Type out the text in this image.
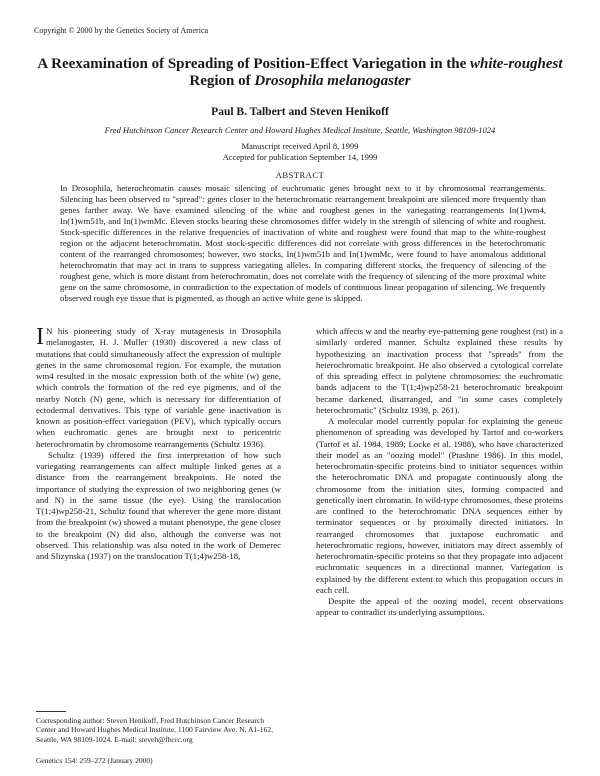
Copyright © 2000 by the Genetics Society of America
A Reexamination of Spreading of Position-Effect Variegation in the white-roughest
Region of Drosophila melanogaster
Paul B. Talbert and Steven Henikoff
Fred Hutchinson Cancer Research Center and Howard Hughes Medical Institute, Seattle, Washington 98109-1024
Manuscript received April 8, 1999
Accepted for publication September 14, 1999
ABSTRACT
In Drosophila, heterochromatin causes mosaic silencing of euchromatic genes brought next to it by chromosomal rearrangements. Silencing has been observed to "spread": genes closer to the heterochromatic rearrangement breakpoint are silenced more frequently than genes farther away. We have examined silencing of the white and roughest genes in the variegating rearrangements In(1)wm4, In(1)wm51b, and In(1)wmMc. Eleven stocks bearing these chromosomes differ widely in the strength of silencing of white and roughest. Stock-specific differences in the relative frequencies of inactivation of white and roughest were found that map to the white-roughest region or the adjacent heterochromatin. Most stock-specific differences did not correlate with gross differences in the heterochromatic content of the rearranged chromosomes; however, two stocks, In(1)wm51b and In(1)wmMc, were found to have anomalous additional heterochromatin that may act in trans to suppress variegating alleles. In comparing different stocks, the frequency of silencing of the roughest gene, which is more distant from heterochromatin, does not correlate with the frequency of silencing of the more proximal white gene on the same chromosome, in contradiction to the expectation of models of continuous linear propagation of silencing. We frequently observed rough eye tissue that is pigmented, as though an active white gene is skipped.

I N his pioneering study of X-ray mutagenesis in Drosophila melanogaster, H. J. Muller (1930) discovered a new class of mutations that could simultaneously affect the expression of multiple genes in the same chromosomal region. For example, the mutation wm4 resulted in the mosaic expression both of the white (w) gene, which controls the formation of the red eye pigments, and of the nearby Notch (N) gene, which is necessary for differentiation of ectodermal derivatives. This type of variable gene inactivation is known as position-effect variegation (PEV), which typically occurs when euchromatic genes are brought next to pericentric heterochromatin by chromosome rearrangements (Schultz 1936).

Schultz (1939) offered the first interpretation of how such variegating rearrangements can affect multiple linked genes at a distance from the rearrangement breakpoints. He noted the importance of studying the expression of two neighboring genes (w and N) in the same tissue (the eye). Using the translocation T(1;4)wp258-21, Schultz found that wherever the gene more distant from the breakpoint (w) showed a mutant phenotype, the gene closer to the breakpoint (N) did also, although the converse was not observed. This relationship was also noted in the work of Demerec and Slizynska (1937) on the translocation T(1;4)w258-18,

which affects w and the nearby eye-patterning gene roughest (rst) in a similarly ordered manner. Schultz explained these results by hypothesizing an inactivation process that "spreads" from the heterochromatic breakpoint. He also observed a cytological correlate of this spreading effect in polytene chromosomes: the euchromatic bands adjacent to the T(1;4)wp258-21 heterochromatic breakpoint became darkened, disarranged, and "in some cases completely heterochromatic" (Schultz 1939, p. 261).

A molecular model currently popular for explaining the genetic phenomenon of spreading was developed by Tartof and co-workers (Tartof et al. 1984, 1989; Locke et al. 1988), who have characterized their model as an "oozing model" (Ptashne 1986). In this model, heterochromatin-specific proteins bind to initiator sequences within the heterochromatic DNA and propagate continuously along the chromosome from the initiation sites, forming compacted and genetically inert chromatin. In wild-type chromosomes, these proteins are confined to the heterochromatic DNA sequences either by terminator sequences or by proximally directed initiators. In rearranged chromosomes that juxtapose euchromatic and heterochromatic regions, however, initiators may direct assembly of heterochromatin-specific proteins so that they propagate into adjacent euchromatic sequences in a directional manner. Variegation is explained by the different extent to which this propagation occurs in each cell.

Despite the appeal of the oozing model, recent observations appear to contradict its underlying assumptions.

Corresponding author: Steven Henikoff, Fred Hutchinson Cancer Research Center and Howard Hughes Medical Institute, 1100 Fairview Ave. N, A1-162, Seattle, WA 98109-1024. E-mail: steveh@fhcrc.org
Genetics 154: 259–272 (January 2000)
